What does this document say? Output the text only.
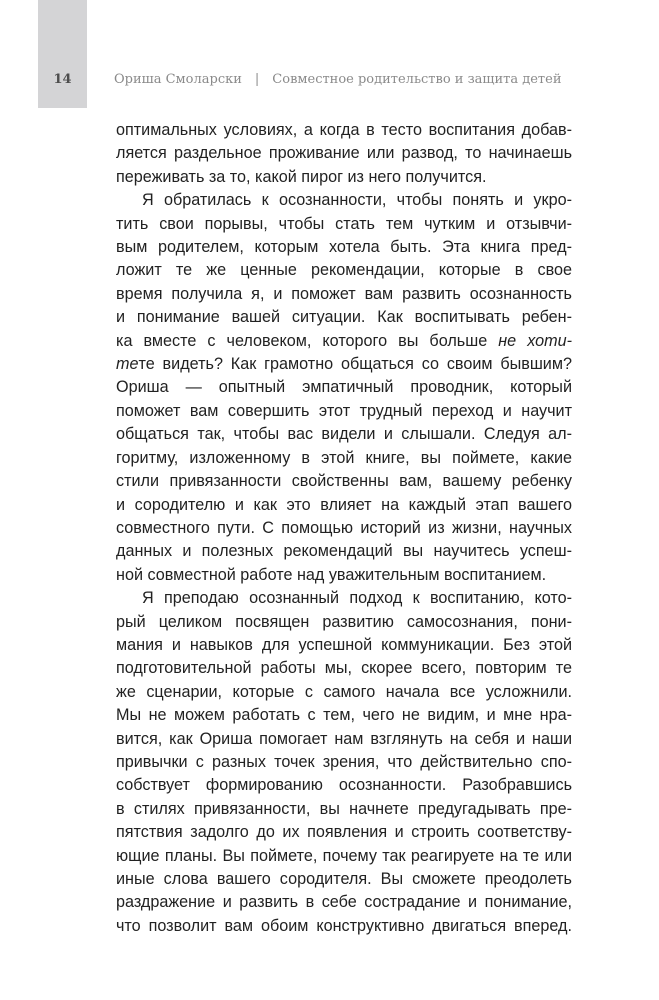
14	Ориша Смоларски | Совместное родительство и защита детей
оптимальных условиях, а когда в тесто воспитания добав-
ляется раздельное проживание или развод, то начинаешь
переживать за то, какой пирог из него получится.
Я обратилась к осознанности, чтобы понять и укро-
тить свои порывы, чтобы стать тем чутким и отзывчи-
вым родителем, которым хотела быть. Эта книга пред-
ложит те же ценные рекомендации, которые в свое
время получила я, и поможет вам развить осознанность
и понимание вашей ситуации. Как воспитывать ребен-
ка вместе с человеком, которого вы больше не хоти-
тете видеть? Как грамотно общаться со своим бывшим?
Ориша — опытный эмпатичный проводник, который
поможет вам совершить этот трудный переход и научит
общаться так, чтобы вас видели и слышали. Следуя ал-
горитму, изложенному в этой книге, вы поймете, какие
стили привязанности свойственны вам, вашему ребенку
и сородителю и как это влияет на каждый этап вашего
совместного пути. С помощью историй из жизни, научных
данных и полезных рекомендаций вы научитесь успеш-
ной совместной работе над уважительным воспитанием.
Я преподаю осознанный подход к воспитанию, кото-
рый целиком посвящен развитию самосознания, пони-
мания и навыков для успешной коммуникации. Без этой
подготовительной работы мы, скорее всего, повторим те
же сценарии, которые с самого начала все усложнили.
Мы не можем работать с тем, чего не видим, и мне нра-
вится, как Ориша помогает нам взглянуть на себя и наши
привычки с разных точек зрения, что действительно спо-
собствует формированию осознанности. Разобравшись
в стилях привязанности, вы начнете предугадывать пре-
пятствия задолго до их появления и строить соответству-
ющие планы. Вы поймете, почему так реагируете на те или
иные слова вашего сородителя. Вы сможете преодолеть
раздражение и развить в себе сострадание и понимание,
что позволит вам обоим конструктивно двигаться вперед.
